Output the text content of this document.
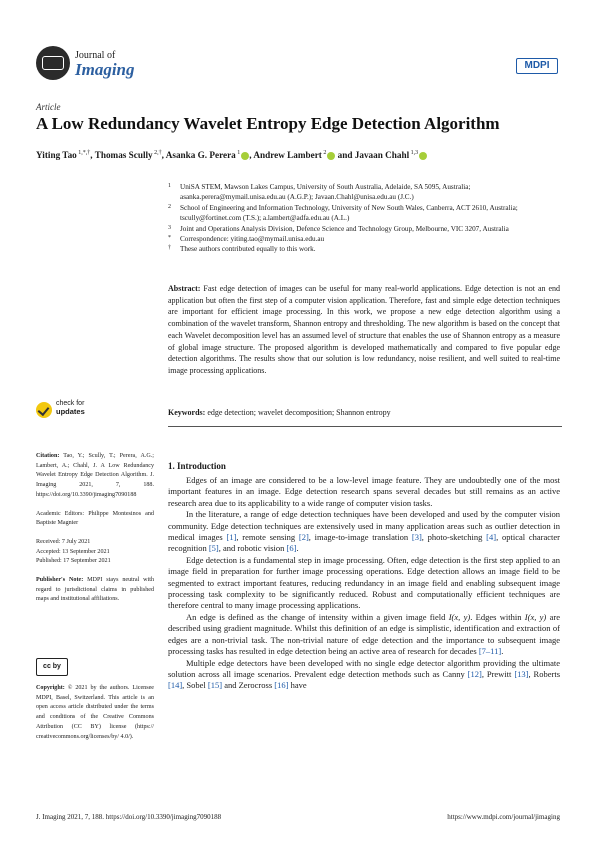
Journal of
Imaging	MDPI
Article
A Low Redundancy Wavelet Entropy Edge Detection Algorithm
Yiting Tao $^{1,*,\dagger}$, Thomas Scully $^{2,\dagger}$, Asanka G. Perera $^1$ , Andrew Lambert $^2$ and Javaan Chahl $^{1,3}$
1 UniSA STEM, Mawson Lakes Campus, University of South Australia, Adelaide, SA 5095, Australia; asanka.perera@mymail.unisa.edu.au (A.G.P.); Javaan.Chahl@unisa.edu.au (J.C.)
2 School of Engineering and Information Technology, University of New South Wales, Canberra, ACT 2610, Australia; tscully@fortinet.com (T.S.); a.lambert@adfa.edu.au (A.L.)
3 Joint and Operations Analysis Division, Defence Science and Technology Group, Melbourne, VIC 3207, Australia
* Correspondence: yiting.tao@mymail.unisa.edu.au
† These authors contributed equally to this work.
Abstract: Fast edge detection of images can be useful for many real-world applications. Edge detection is not an end application but often the first step of a computer vision application. Therefore, fast and simple edge detection techniques are important for efficient image processing. In this work, we propose a new edge detection algorithm using a combination of the wavelet transform, Shannon entropy and thresholding. The new algorithm is based on the concept that each Wavelet decomposition level has an assumed level of structure that enables the use of Shannon entropy as a measure of global image structure. The proposed algorithm is developed mathematically and compared to five popular edge detection algorithms. The results show that our solution is low redundancy, noise resilient, and well suited to real-time image processing applications.
Keywords: edge detection; wavelet decomposition; Shannon entropy
check for
updates

Citation: Tao, Y.; Scully, T.; Perera, A.G.; Lambert, A.; Chahl, J. A Low Redundancy Wavelet Entropy Edge Detection Algorithm. J. Imaging 2021, 7, 188. https://doi.org/10.3390/jimaging7090188

Academic Editors: Philippe Montesinos and Baptiste Magnier

Received: 7 July 2021
Accepted: 13 September 2021
Published: 17 September 2021

Publisher's Note: MDPI stays neutral with regard to jurisdictional claims in published maps and institutional affiliations.

cc by
Copyright: © 2021 by the authors. Licensee MDPI, Basel, Switzerland. This article is an open access article distributed under the terms and conditions of the Creative Commons Attribution (CC BY) license (https:// creativecommons.org/licenses/by/ 4.0/).
1. Introduction

Edges of an image are considered to be a low-level image feature. They are undoubtedly one of the most important features in an image. Edge detection research spans several decades but still remains as an active research area due to its applicability to a wide range of computer vision tasks.

In the literature, a range of edge detection techniques have been developed and used by the computer vision community. Edge detection techniques are extensively used in many application areas such as outlier detection in medical images [1], remote sensing [2], image-to-image translation [3], photo-sketching [4], optical character recognition [5], and robotic vision [6].

Edge detection is a fundamental step in image processing. Often, edge detection is the first step applied to an image field in preparation for further image processing operations. Edge detection allows an image field to be segmented to extract important features, reducing redundancy in an image field and enabling subsequent image processing task complexity to be significantly reduced. Robust and computationally efficient techniques are therefore central to many image processing applications.

An edge is defined as the change of intensity within a given image field I(x, y). Edges within I(x, y) are described using gradient magnitude. Whilst this definition of an edge is simplistic, identification and extraction of edges are a non-trivial task. The non-trivial nature of edge detection and the importance to subsequent image processing tasks has resulted in edge detection being an active area of research for decades [7–11].

Multiple edge detectors have been developed with no single edge detector algorithm providing the ultimate solution across all image scenarios. Prevalent edge detection methods such as Canny [12], Prewitt [13], Roberts [14], Sobel [15] and Zerocross [16] have

J. Imaging 2021, 7, 188. https://doi.org/10.3390/jimaging7090188	https://www.mdpi.com/journal/jimaging
